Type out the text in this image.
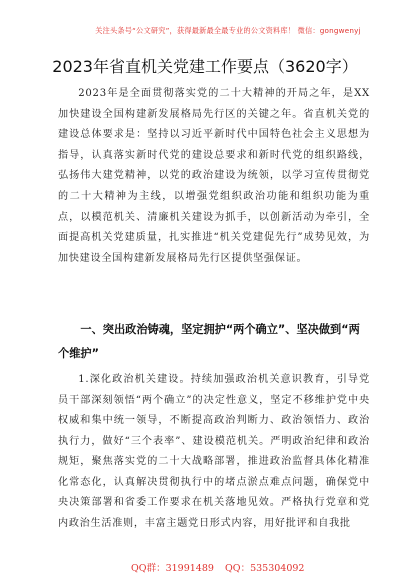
关注头条号“公文研究”，获得最新最全最专业的公文资料库！ 微信：gongwenyj
2023年省直机关党建工作要点（3620字）

2023年是全面贯彻落实党的二十大精神的开局之年，是XX加快建设全国构建新发展格局先行区的关键之年。省直机关党的建设总体要求是：坚持以习近平新时代中国特色社会主义思想为指导，认真落实新时代党的建设总要求和新时代党的组织路线，弘扬伟大建党精神，以党的政治建设为统领，以学习宣传贯彻党的二十大精神为主线，以增强党组织政治功能和组织功能为重点，以模范机关、清廉机关建设为抓手，以创新活动为牵引，全面提高机关党建质量，扎实推进“机关党建促先行”成势见效，为加快建设全国构建新发展格局先行区提供坚强保证。

一、突出政治铸魂，坚定拥护“两个确立”、坚决做到“两个维护”

1.深化政治机关建设。持续加强政治机关意识教育，引导党员干部深刻领悟“两个确立”的决定性意义，坚定不移维护党中央权威和集中统一领导，不断提高政治判断力、政治领悟力、政治执行力，做好“三个表率”、建设模范机关。严明政治纪律和政治规矩，聚焦落实党的二十大战略部署，推进政治监督具体化精准化常态化，认真解决贯彻执行中的堵点淤点难点问题，确保党中央决策部署和省委工作要求在机关落地见效。严格执行党章和党内政治生活准则，丰富主题党日形式内容，用好批评和自我批

QQ群：31991489 QQ：535304092
